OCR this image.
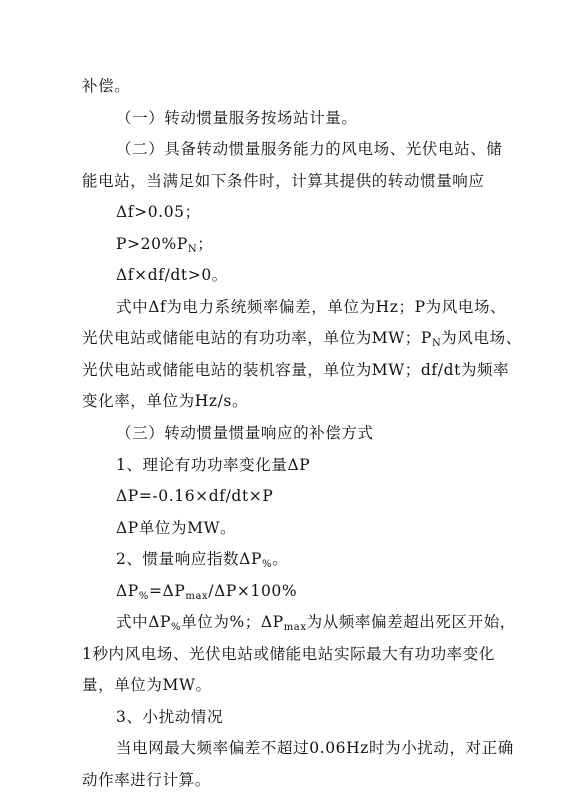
补偿。
（一）转动惯量服务按场站计量。
（二）具备转动惯量服务能力的风电场、光伏电站、储
能电站，当满足如下条件时，计算其提供的转动惯量响应
Δf>0.05；
$P>20\%P_N$；
Δf×df/dt>0。
式中Δf为电力系统频率偏差，单位为Hz；P为风电场、
光伏电站或储能电站的有功功率，单位为MW；$P_N$为风电场、
光伏电站或储能电站的装机容量，单位为MW；df/dt为频率
变化率，单位为Hz/s。
（三）转动惯量惯量响应的补偿方式
1、理论有功功率变化量ΔP
ΔP=-0.16×df/dt×P
ΔP单位为MW。
2、惯量响应指数$\Delta P_{\%}$。
$\Delta P_{\%}=\Delta P_{max}/\Delta P\times 100\%$
式中$\Delta P_{\%}$单位为%；$\Delta P_{max}$为从频率偏差超出死区开始，
1秒内风电场、光伏电站或储能电站实际最大有功功率变化
量，单位为MW。
3、小扰动情况
当电网最大频率偏差不超过0.06Hz时为小扰动，对正确
动作率进行计算。
